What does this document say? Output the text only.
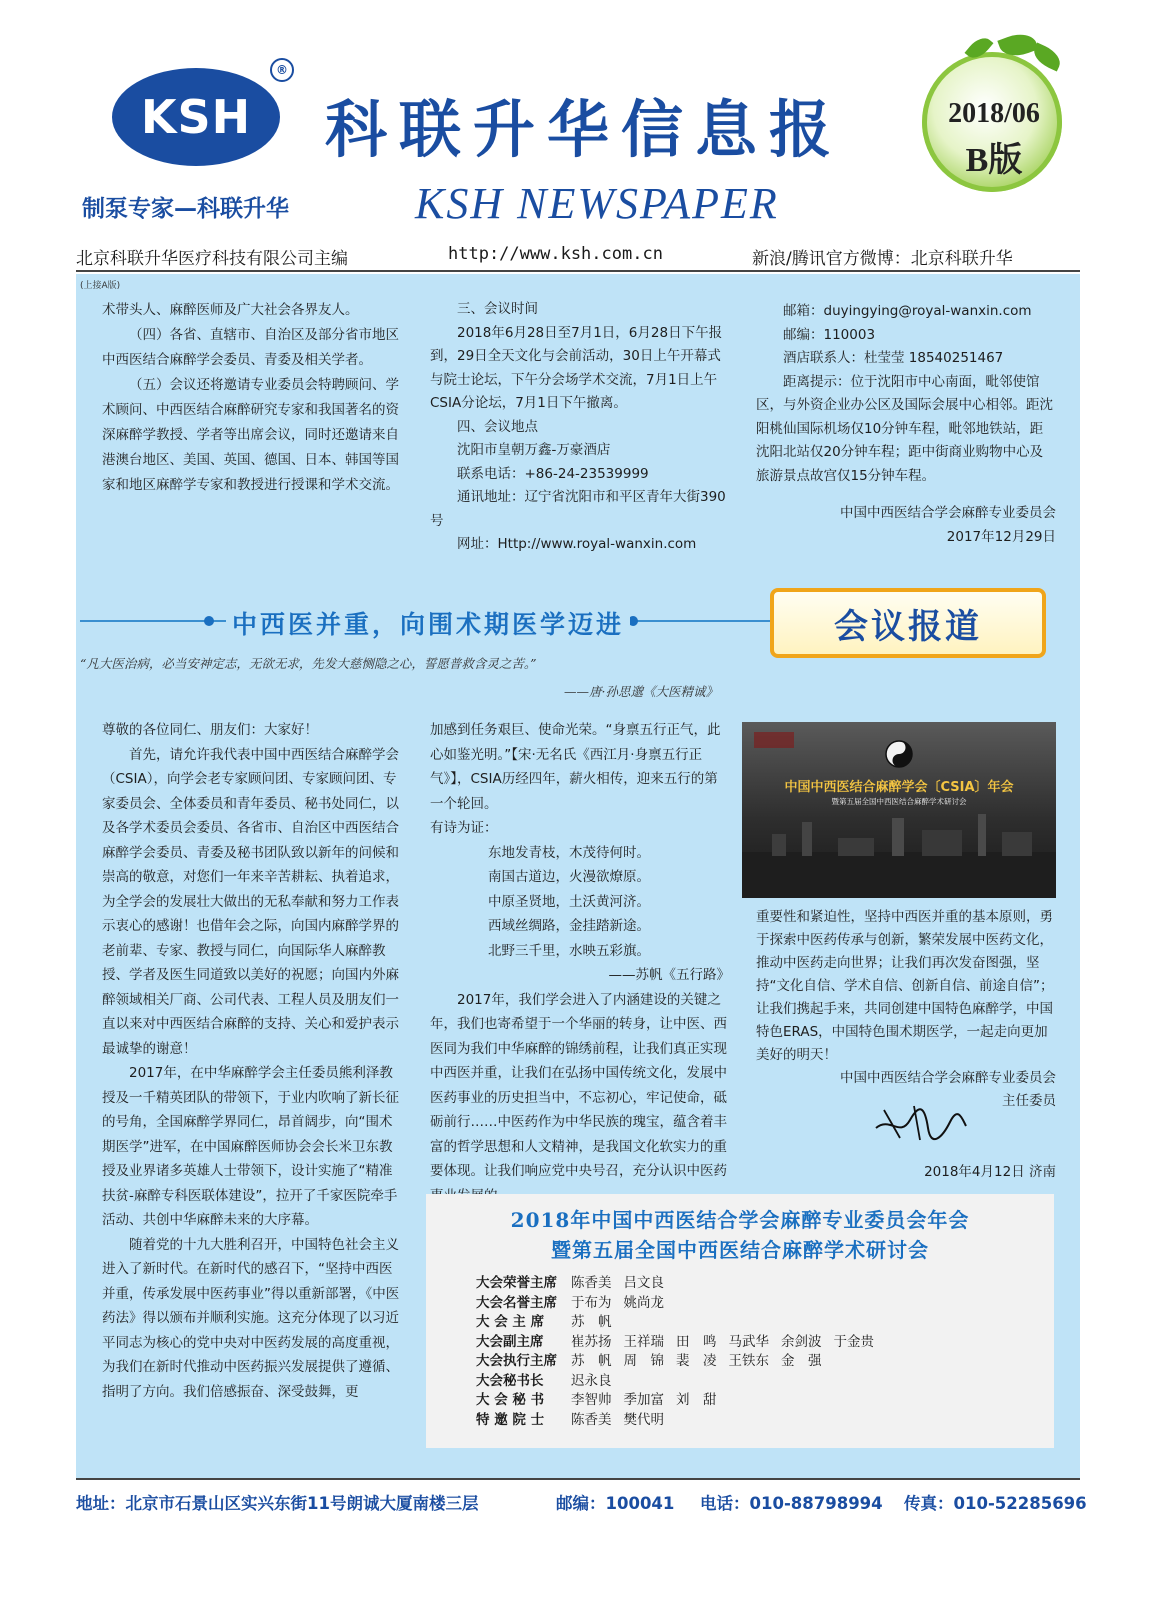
KSH
®
制泵专家—科联升华
科联升华信息报
KSH NEWSPAPER
2018/06
B版
北京科联升华医疗科技有限公司主编	http://www.ksh.com.cn	新浪/腾讯官方微博：北京科联升华
(上接A版)

术带头人、麻醉医师及广大社会各界友人。

（四）各省、直辖市、自治区及部分省市地区中西医结合麻醉学会委员、青委及相关学者。

（五）会议还将邀请专业委员会特聘顾问、学术顾问、中西医结合麻醉研究专家和我国著名的资深麻醉学教授、学者等出席会议，同时还邀请来自港澳台地区、美国、英国、德国、日本、韩国等国家和地区麻醉学专家和教授进行授课和学术交流。

三、会议时间

2018年6月28日至7月1日，6月28日下午报到，29日全天文化与会前活动，30日上午开幕式与院士论坛，下午分会场学术交流，7月1日上午CSIA分论坛，7月1日下午撤离。

四、会议地点

沈阳市皇朝万鑫-万豪酒店

联系电话：+86-24-23539999

通讯地址：辽宁省沈阳市和平区青年大街390号

网址：Http://www.royal-wanxin.com

邮箱：duyingying@royal-wanxin.com

邮编：110003

酒店联系人：杜莹莹 18540251467

距离提示：位于沈阳市中心南面，毗邻使馆区，与外资企业办公区及国际会展中心相邻。距沈阳桃仙国际机场仅10分钟车程，毗邻地铁站，距沈阳北站仅20分钟车程；距中街商业购物中心及旅游景点故宫仅15分钟车程。

中国中西医结合学会麻醉专业委员会

2017年12月29日

中西医并重，向围术期医学迈进	会议报道
“凡大医治病，必当安神定志，无欲无求，先发大慈恻隐之心，誓愿普救含灵之苦。”
——唐·孙思邈《大医精诚》

尊敬的各位同仁、朋友们：大家好！

首先，请允许我代表中国中西医结合麻醉学会（CSIA），向学会老专家顾问团、专家顾问团、专家委员会、全体委员和青年委员、秘书处同仁，以及各学术委员会委员、各省市、自治区中西医结合麻醉学会委员、青委及秘书团队致以新年的问候和崇高的敬意，对您们一年来辛苦耕耘、执着追求，为全学会的发展壮大做出的无私奉献和努力工作表示衷心的感谢！也借年会之际，向国内麻醉学界的老前辈、专家、教授与同仁，向国际华人麻醉教授、学者及医生同道致以美好的祝愿；向国内外麻醉领域相关厂商、公司代表、工程人员及朋友们一直以来对中西医结合麻醉的支持、关心和爱护表示最诚挚的谢意！

2017年，在中华麻醉学会主任委员熊利泽教授及一千精英团队的带领下，于业内吹响了新长征的号角，全国麻醉学界同仁，昂首阔步，向“围术期医学”进军，在中国麻醉医师协会会长米卫东教授及业界诸多英雄人士带领下，设计实施了“精准扶贫-麻醉专科医联体建设”，拉开了千家医院牵手活动、共创中华麻醉未来的大序幕。

随着党的十九大胜利召开，中国特色社会主义进入了新时代。在新时代的感召下，“坚持中西医并重，传承发展中医药事业”得以重新部署，《中医药法》得以颁布并顺利实施。这充分体现了以习近平同志为核心的党中央对中医药发展的高度重视，为我们在新时代推动中医药振兴发展提供了遵循、指明了方向。我们倍感振奋、深受鼓舞，更

加感到任务艰巨、使命光荣。“身禀五行正气，此心如鉴光明。”【宋·无名氏《西江月·身禀五行正气》】，CSIA历经四年，薪火相传，迎来五行的第一个轮回。

有诗为证：

东地发青枝，木茂待何时。

南国古道边，火漫欲燎原。

中原圣贤地，土沃黄河济。

西域丝绸路，金挂踏新途。

北野三千里，水映五彩旗。

——苏帆《五行路》

2017年，我们学会进入了内涵建设的关键之年，我们也寄希望于一个华丽的转身，让中医、西医同为我们中华麻醉的锦绣前程，让我们真正实现中西医并重，让我们在弘扬中国传统文化，发展中医药事业的历史担当中，不忘初心，牢记使命，砥砺前行……中医药作为中华民族的瑰宝，蕴含着丰富的哲学思想和人文精神，是我国文化软实力的重要体现。让我们响应党中央号召，充分认识中医药

中国中西医结合麻醉学会〔CSIA〕年会
暨第五届全国中西医结合麻醉学术研讨会

重要性和紧迫性，坚持中西医并重的基本原则，勇于探索中医药传承与创新，繁荣发展中医药文化，推动中医药走向世界；让我们再次发奋图强，坚持“文化自信、学术自信、创新自信、前途自信”；让我们携起手来，共同创建中国特色麻醉学，中国特色ERAS，中国特色围术期医学，一起走向更加美好的明天！

中国中西医结合学会麻醉专业委员会

主任委员

2018年4月12日 济南
2018年中国中西医结合学会麻醉专业委员会年会
暨第五届全国中西医结合麻醉学术研讨会
大会荣誉主席	陈香美	吕文良				
大会名誉主席	于布为	姚尚龙				
大 会 主 席	苏　帆					
大会副主席	崔苏扬	王祥瑞	田　鸣	马武华	余剑波	于金贵
大会执行主席	苏　帆	周　锦	裴　凌	王铁东	金　强	
大会秘书长	迟永良					
大 会 秘 书	李智帅	季加富	刘　甜			
特 邀 院 士	陈香美	樊代明				
地址：北京市石景山区实兴东街11号朗诚大厦南楼三层	邮编：100041 电话：010-88798994 传真：010-52285696
